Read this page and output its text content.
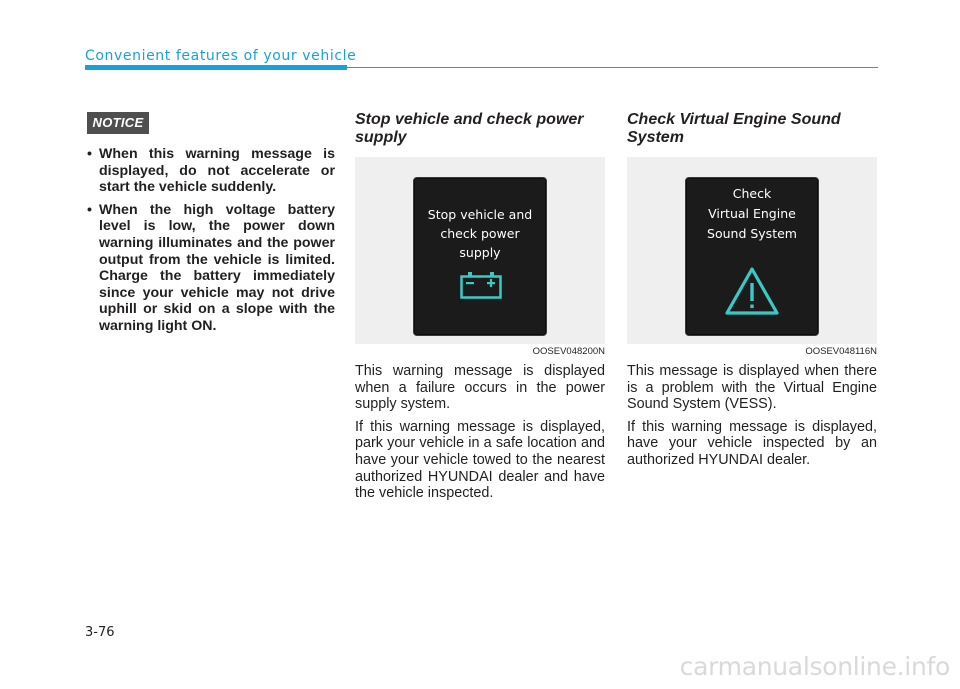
Convenient features of your vehicle
NOTICE
• When this warning message is displayed, do not accelerate or start the vehicle suddenly.
• When the high voltage battery level is low, the power down warning illuminates and the power output from the vehicle is limited. Charge the battery immediately since your vehicle may not drive uphill or skid on a slope with the warning light ON.
Stop vehicle and check power supply
Stop vehicle and
check power
supply
OOSEV048200N

This warning message is displayed when a failure occurs in the power supply system.

If this warning message is displayed, park your vehicle in a safe location and have your vehicle towed to the nearest authorized HYUNDAI dealer and have the vehicle inspected.

Check Virtual Engine Sound System
Check
Virtual Engine
Sound System
OOSEV048116N

This message is displayed when there is a problem with the Virtual Engine Sound System (VESS).

If this warning message is displayed, have your vehicle inspected by an authorized HYUNDAI dealer.

3-76
carmanualsonline.info
